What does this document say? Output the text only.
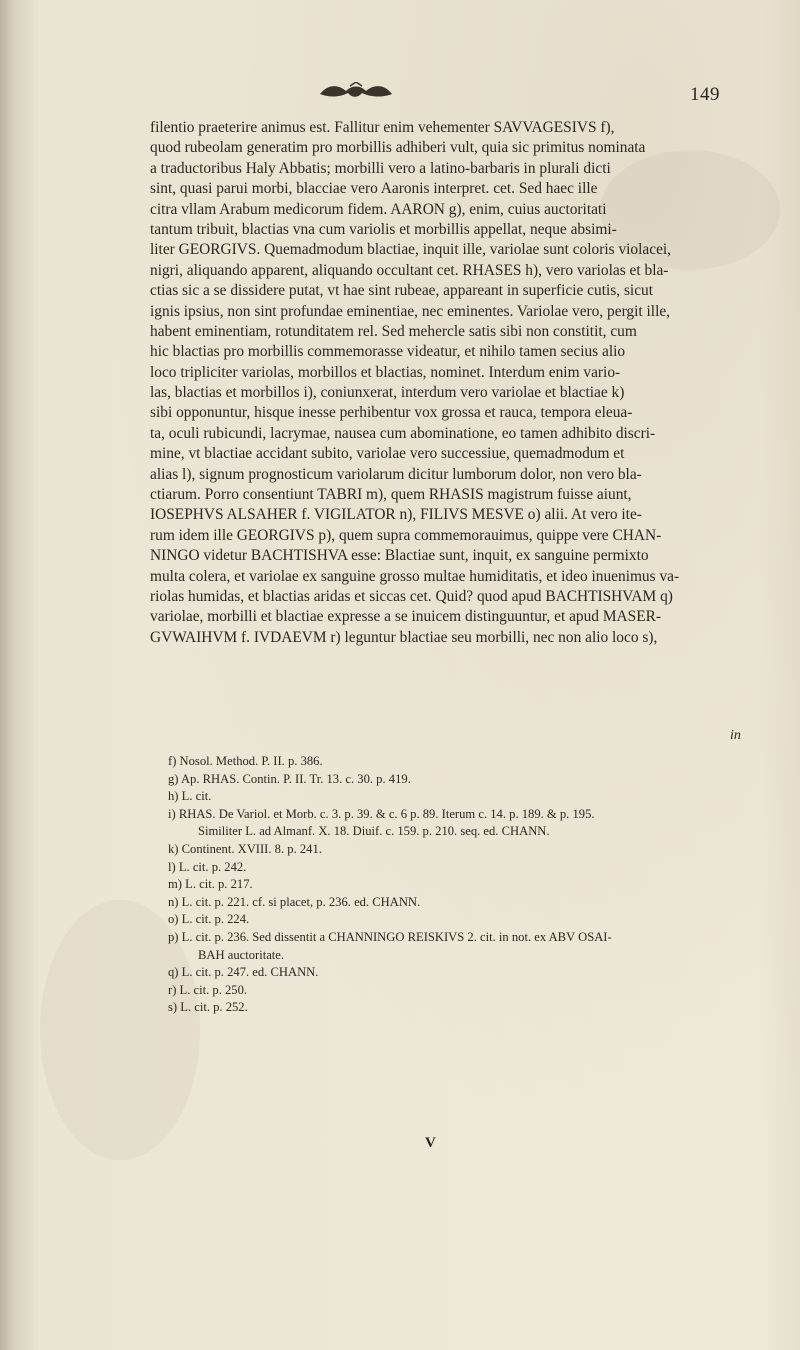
149
filentio praeterire animus est. Fallitur enim vehementer SAVVAGESIVS f),
quod rubeolam generatim pro morbillis adhiberi vult, quia sic primitus nominata
a traductoribus Haly Abbatis; morbilli vero a latino-barbaris in plurali dicti
sint, quasi parui morbi, blacciae vero Aaronis interpret. cet. Sed haec ille
citra vllam Arabum medicorum fidem. AARON g), enim, cuius auctoritati
tantum tribuit, blactias vna cum variolis et morbillis appellat, neque absimi-
liter GEORGIVS. Quemadmodum blactiae, inquit ille, variolae sunt coloris violacei,
nigri, aliquando apparent, aliquando occultant cet. RHASES h), vero variolas et bla-
ctias sic a se dissidere putat, vt hae sint rubeae, appareant in superficie cutis, sicut
ignis ipsius, non sint profundae eminentiae, nec eminentes. Variolae vero, pergit ille,
habent eminentiam, rotunditatem rel. Sed mehercle satis sibi non constitit, cum
hic blactias pro morbillis commemorasse videatur, et nihilo tamen secius alio
loco tripliciter variolas, morbillos et blactias, nominet. Interdum enim vario-
las, blactias et morbillos i), coniunxerat, interdum vero variolae et blactiae k)
sibi opponuntur, hisque inesse perhibentur vox grossa et rauca, tempora eleua-
ta, oculi rubicundi, lacrymae, nausea cum abominatione, eo tamen adhibito discri-
mine, vt blactiae accidant subito, variolae vero successiue, quemadmodum et
alias l), signum prognosticum variolarum dicitur lumborum dolor, non vero bla-
ctiarum. Porro consentiunt TABRI m), quem RHASIS magistrum fuisse aiunt,
IOSEPHVS ALSAHER f. VIGILATOR n), FILIVS MESVE o) alii. At vero ite-
rum idem ille GEORGIVS p), quem supra commemorauimus, quippe vere CHAN-
NINGO videtur BACHTISHVA esse: Blactiae sunt, inquit, ex sanguine permixto
multa colera, et variolae ex sanguine grosso multae humiditatis, et ideo inuenimus va-
riolas humidas, et blactias aridas et siccas cet. Quid? quod apud BACHTISHVAM q)
variolae, morbilli et blactiae expresse a se inuicem distinguuntur, et apud MASER-
GVWAIHVM f. IVDAEVM r) leguntur blactiae seu morbilli, nec non alio loco s),
in
f) Nosol. Method. P. II. p. 386.
g) Ap. RHAS. Contin. P. II. Tr. 13. c. 30. p. 419.
h) L. cit.
i) RHAS. De Variol. et Morb. c. 3. p. 39. & c. 6 p. 89. Iterum c. 14. p. 189. & p. 195.
Similiter L. ad Almanf. X. 18. Diuif. c. 159. p. 210. seq. ed. CHANN.
k) Continent. XVIII. 8. p. 241.
l) L. cit. p. 242.
m) L. cit. p. 217.
n) L. cit. p. 221. cf. si placet, p. 236. ed. CHANN.
o) L. cit. p. 224.
p) L. cit. p. 236. Sed dissentit a CHANNINGO REISKIVS 2. cit. in not. ex ABV OSAI-
BAH auctoritate.
q) L. cit. p. 247. ed. CHANN.
r) L. cit. p. 250.
s) L. cit. p. 252.
V
